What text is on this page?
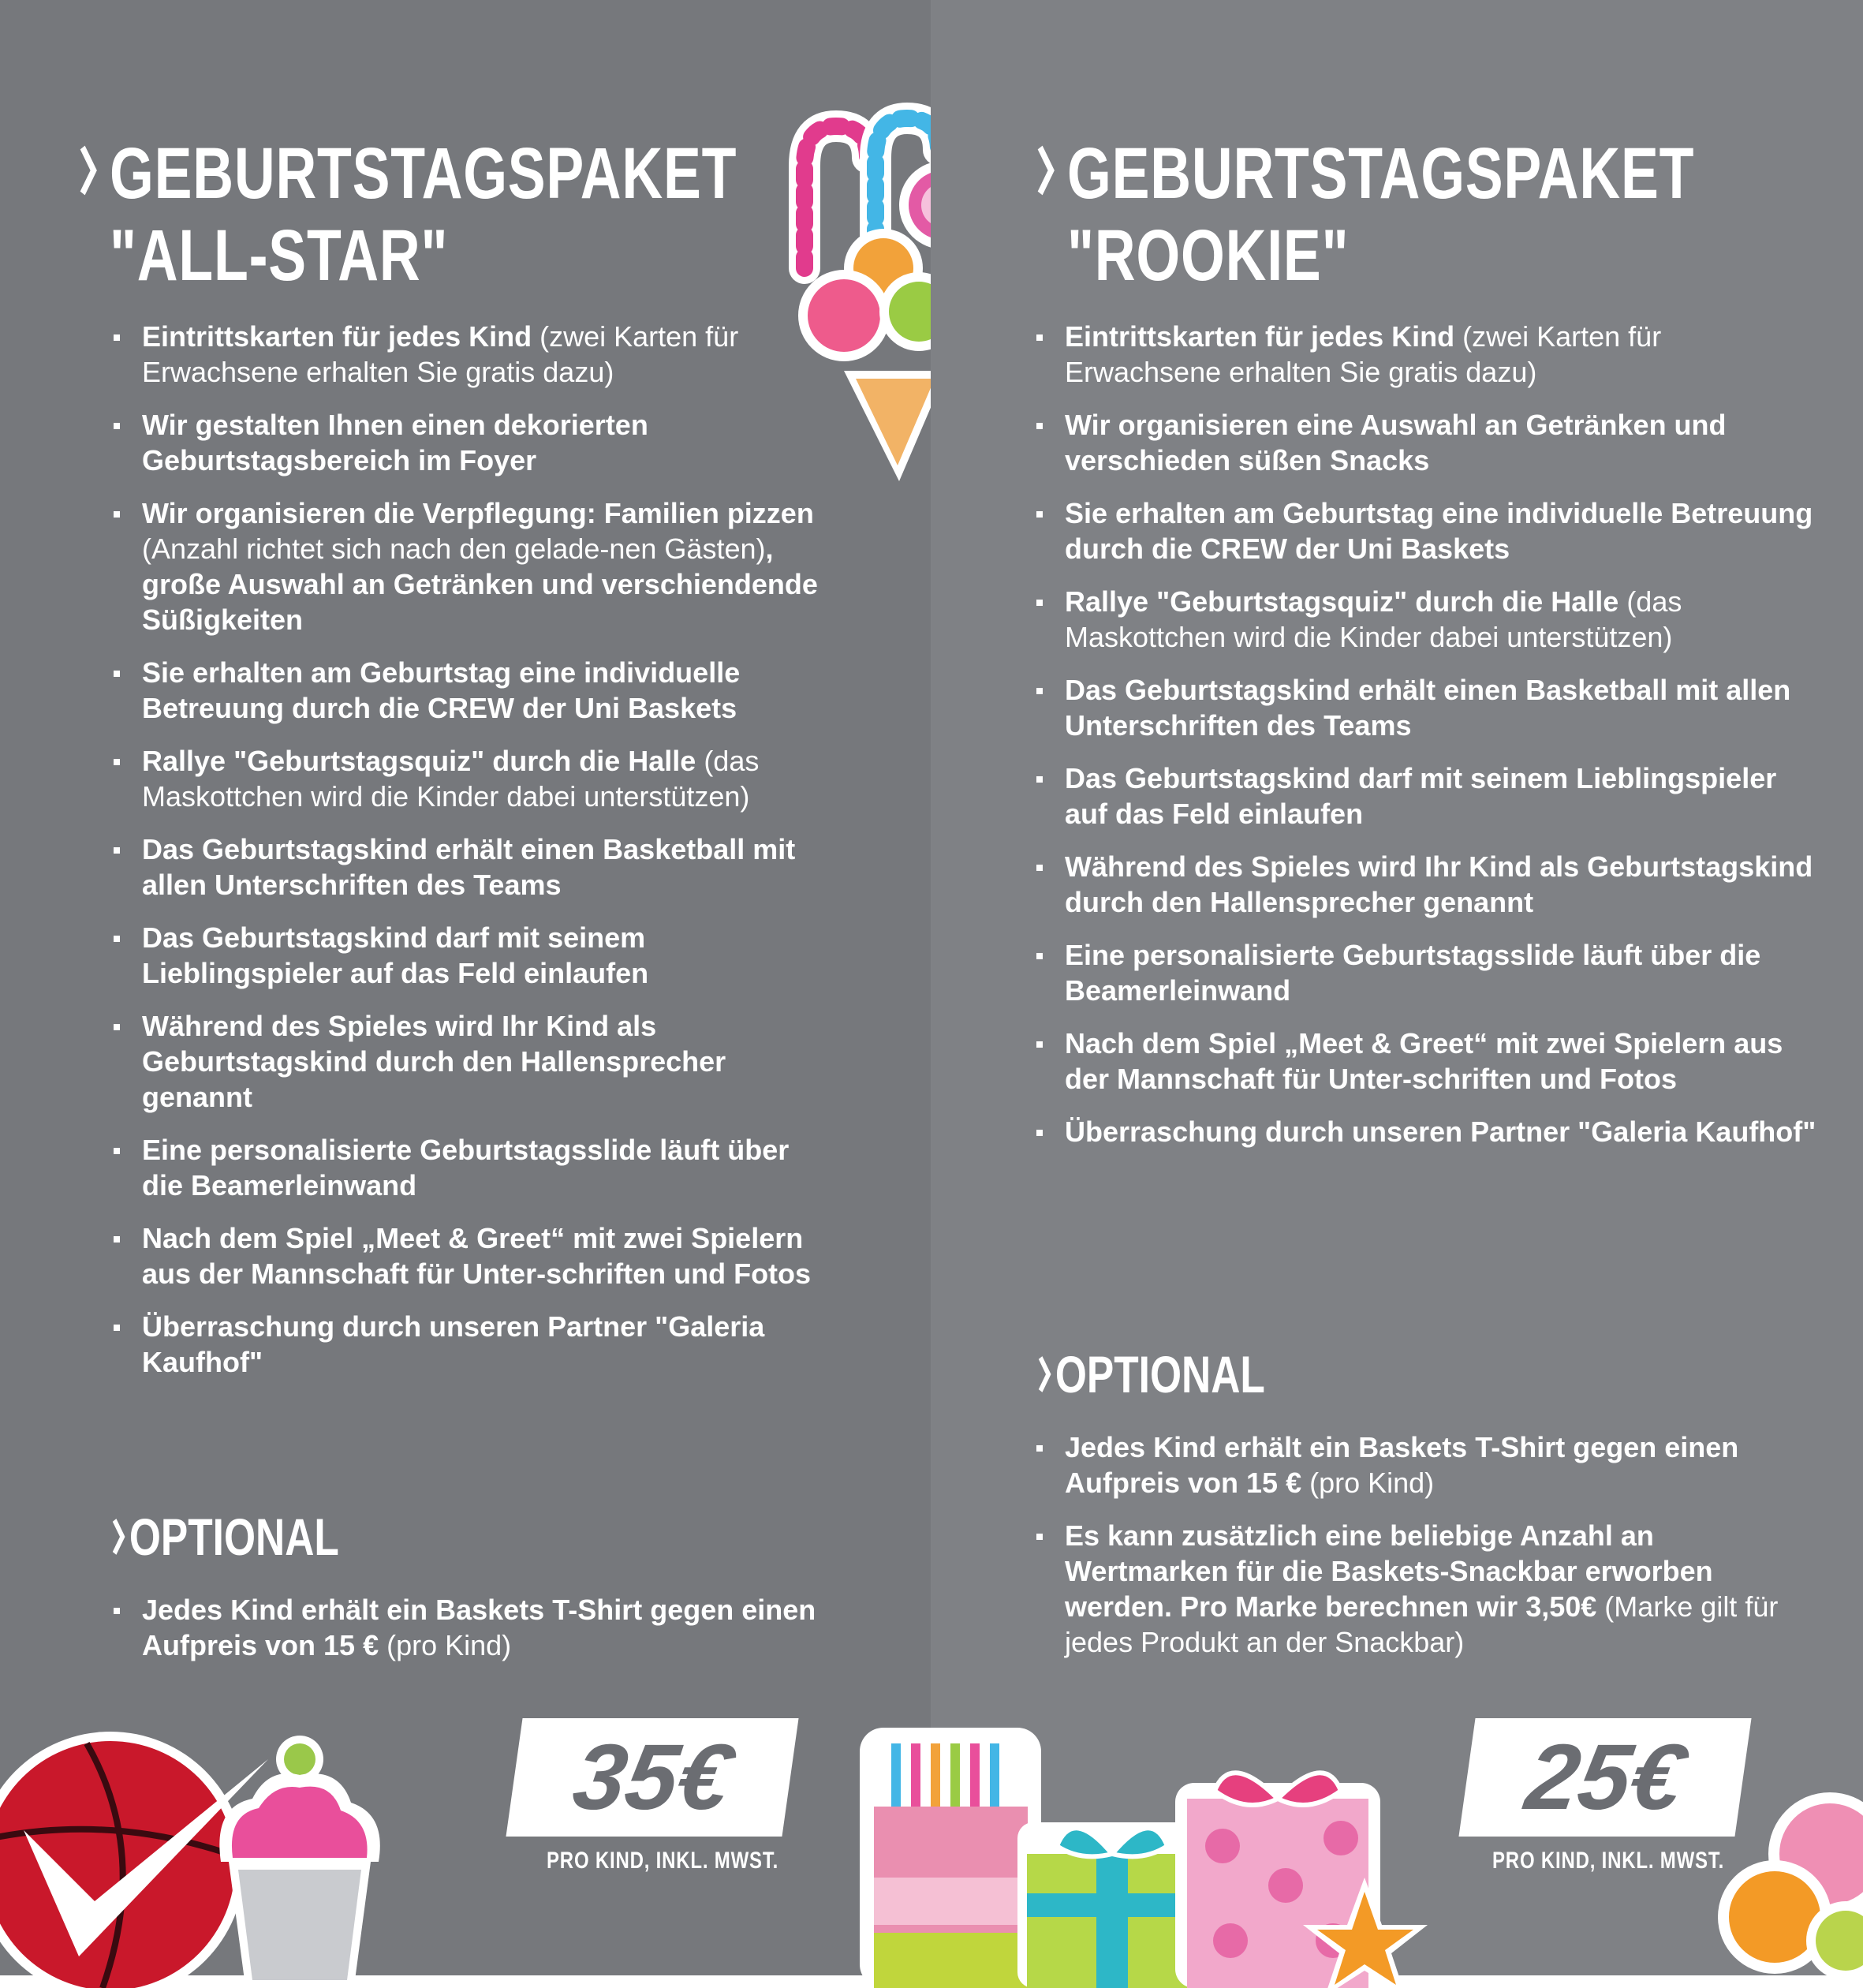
GEBURTSTAGSPAKET
"ALL-STAR"
Eintrittskarten für jedes Kind (zwei Karten für Erwachsene erhalten Sie gratis dazu)
Wir gestalten Ihnen einen dekorierten Geburtstagsbereich im Foyer
Wir organisieren die Verpflegung: Familien pizzen (Anzahl richtet sich nach den gelade-nen Gästen), große Auswahl an Getränken und verschiendende Süßigkeiten
Sie erhalten am Geburtstag eine individuelle Betreuung durch die CREW der Uni Baskets
Rallye "Geburtstagsquiz" durch die Halle (das Maskottchen wird die Kinder dabei unterstützen)
Das Geburtstagskind erhält einen Basketball mit allen Unterschriften des Teams
Das Geburtstagskind darf mit seinem Lieblingspieler auf das Feld einlaufen
Während des Spieles wird Ihr Kind als Geburtstagskind durch den Hallensprecher genannt
Eine personalisierte Geburtstagsslide läuft über die Beamerleinwand
Nach dem Spiel „Meet & Greet“ mit zwei Spielern aus der Mannschaft für Unter-schriften und Fotos
Überraschung durch unseren Partner "Galeria Kaufhof"
OPTIONAL
Jedes Kind erhält ein Baskets T-Shirt gegen einen Aufpreis von 15 € (pro Kind)
35€
PRO KIND, INKL. MWST.
GEBURTSTAGSPAKET
"ROOKIE"
Eintrittskarten für jedes Kind (zwei Karten für Erwachsene erhalten Sie gratis dazu)
Wir organisieren eine Auswahl an Getränken und verschieden süßen Snacks
Sie erhalten am Geburtstag eine individuelle Betreuung durch die CREW der Uni Baskets
Rallye "Geburtstagsquiz" durch die Halle (das Maskottchen wird die Kinder dabei unterstützen)
Das Geburtstagskind erhält einen Basketball mit allen Unterschriften des Teams
Das Geburtstagskind darf mit seinem Lieblingspieler auf das Feld einlaufen
Während des Spieles wird Ihr Kind als Geburtstagskind durch den Hallensprecher genannt
Eine personalisierte Geburtstagsslide läuft über die Beamerleinwand
Nach dem Spiel „Meet & Greet“ mit zwei Spielern aus der Mannschaft für Unter-schriften und Fotos
Überraschung durch unseren Partner "Galeria Kaufhof"
OPTIONAL
Jedes Kind erhält ein Baskets T-Shirt gegen einen Aufpreis von 15 € (pro Kind)
Es kann zusätzlich eine beliebige Anzahl an Wertmarken für die Baskets-Snackbar erworben werden. Pro Marke berechnen wir 3,50€ (Marke gilt für jedes Produkt an der Snackbar)
25€
PRO KIND, INKL. MWST.
